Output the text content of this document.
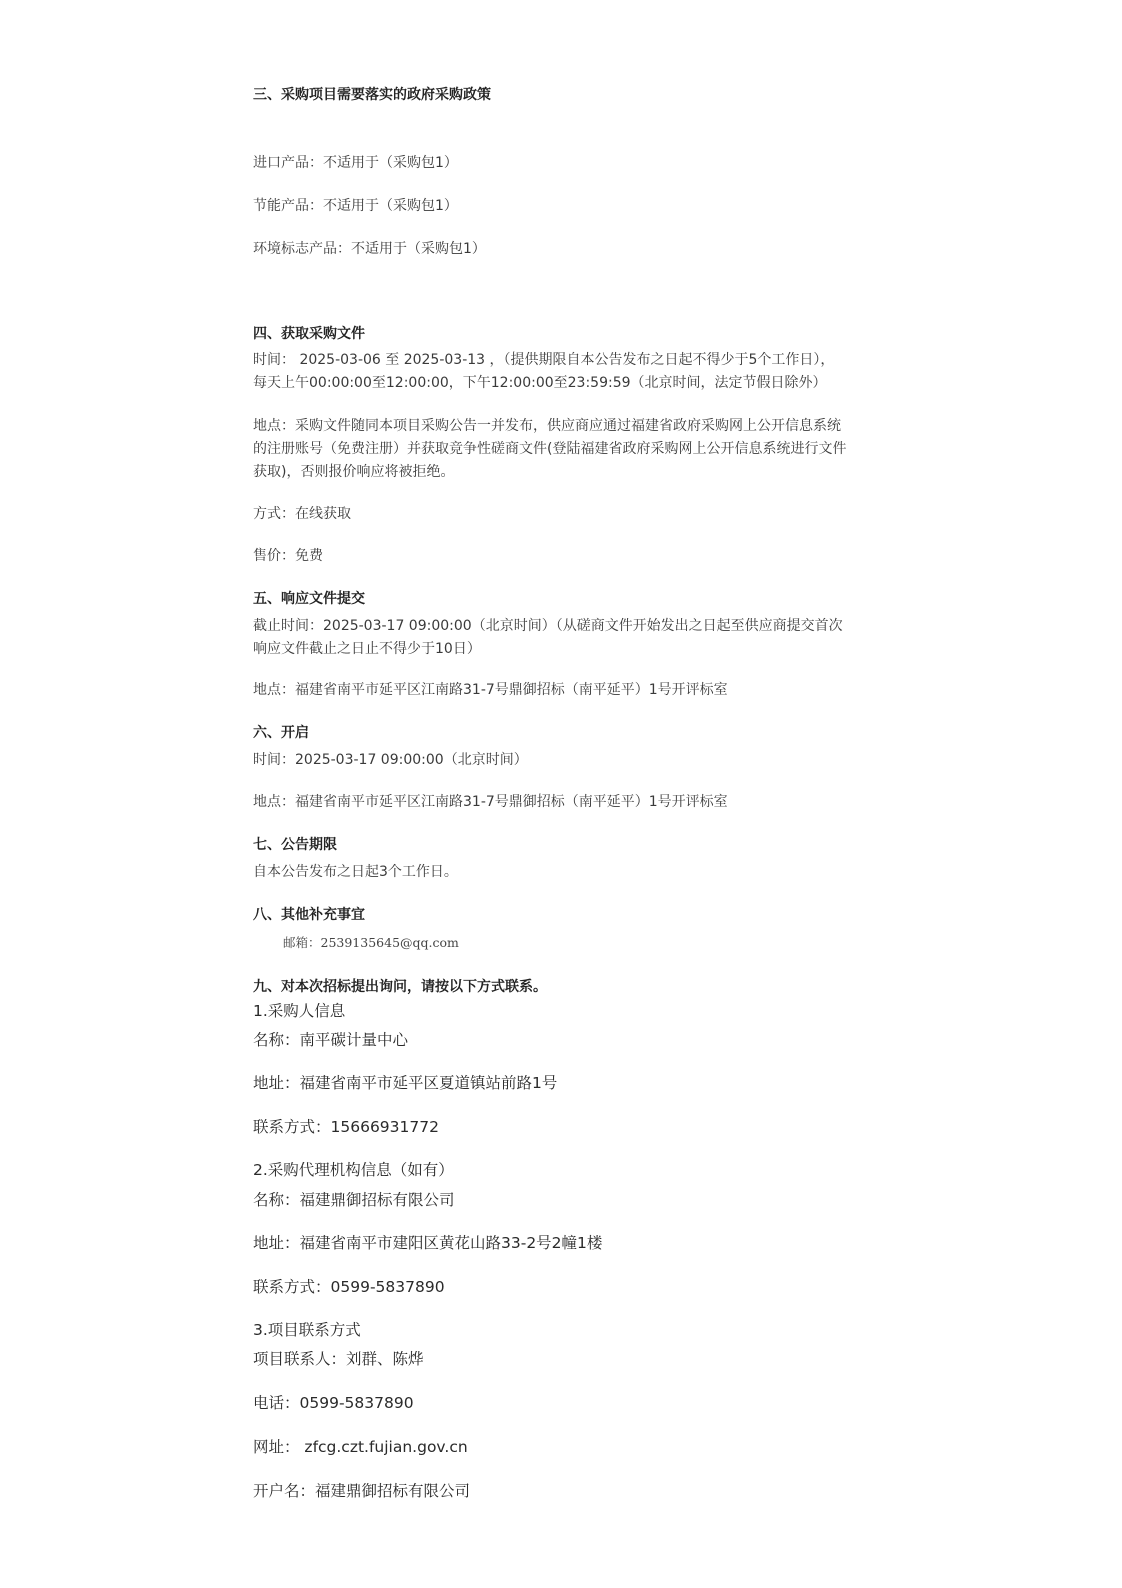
三、采购项目需要落实的政府采购政策

进口产品：不适用于（采购包1）

节能产品：不适用于（采购包1）

环境标志产品：不适用于（采购包1）

四、获取采购文件

时间： 2025-03-06 至 2025-03-13 ，（提供期限自本公告发布之日起不得少于5个工作日），

每天上午00:00:00至12:00:00，下午12:00:00至23:59:59（北京时间，法定节假日除外）

地点：采购文件随同本项目采购公告一并发布，供应商应通过福建省政府采购网上公开信息系统的注册账号（免费注册）并获取竞争性磋商文件(登陆福建省政府采购网上公开信息系统进行文件获取)，否则报价响应将被拒绝。

方式：在线获取

售价：免费

五、响应文件提交

截止时间：2025-03-17 09:00:00（北京时间）（从磋商文件开始发出之日起至供应商提交首次

响应文件截止之日止不得少于10日）

地点：福建省南平市延平区江南路31-7号鼎御招标（南平延平）1号开评标室

六、开启

时间：2025-03-17 09:00:00（北京时间）

地点：福建省南平市延平区江南路31-7号鼎御招标（南平延平）1号开评标室

七、公告期限

自本公告发布之日起3个工作日。

八、其他补充事宜

邮箱：2539135645@qq.com

九、对本次招标提出询问，请按以下方式联系。

1.采购人信息

名称：南平碳计量中心

地址：福建省南平市延平区夏道镇站前路1号

联系方式：15666931772

2.采购代理机构信息（如有）

名称：福建鼎御招标有限公司

地址：福建省南平市建阳区黄花山路33-2号2幢1楼

联系方式：0599-5837890

3.项目联系方式

项目联系人：刘群、陈烨

电话：0599-5837890

网址： zfcg.czt.fujian.gov.cn

开户名：福建鼎御招标有限公司
